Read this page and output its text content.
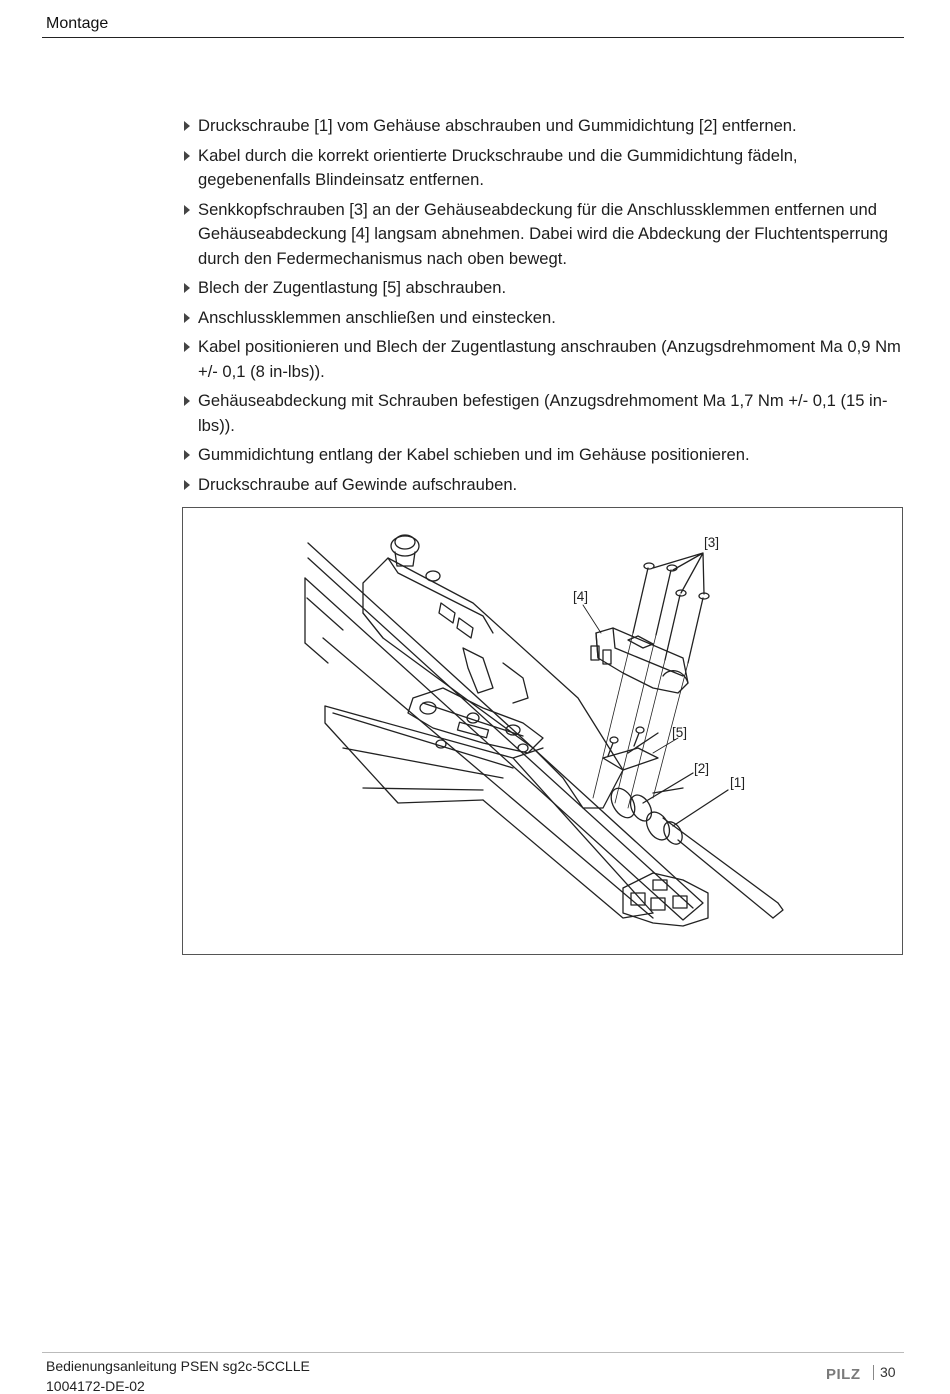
Montage
Druckschraube [1] vom Gehäuse abschrauben und Gummidichtung [2] entfernen.
Kabel durch die korrekt orientierte Druckschraube und die Gummidichtung fädeln, gegebenenfalls Blindeinsatz entfernen.
Senkkopfschrauben [3] an der Gehäuseabdeckung für die Anschlussklemmen entfernen und Gehäuseabdeckung [4] langsam abnehmen. Dabei wird die Abdeckung der Fluchtentsperrung durch den Federmechanismus nach oben bewegt.
Blech der Zugentlastung [5] abschrauben.
Anschlussklemmen anschließen und einstecken.
Kabel positionieren und Blech der Zugentlastung anschrauben (Anzugsdrehmoment Ma 0,9 Nm +/- 0,1 (8 in-lbs)).
Gehäuseabdeckung mit Schrauben befestigen (Anzugsdrehmoment Ma 1,7 Nm +/- 0,1 (15 in-lbs)).
Gummidichtung entlang der Kabel schieben und im Gehäuse positionieren.
Druckschraube auf Gewinde aufschrauben.
[3]
[4]
[5]
[2]
[1]
Bedienungsanleitung PSEN sg2c-5CCLLE
1004172-DE-02
PILZ 30
